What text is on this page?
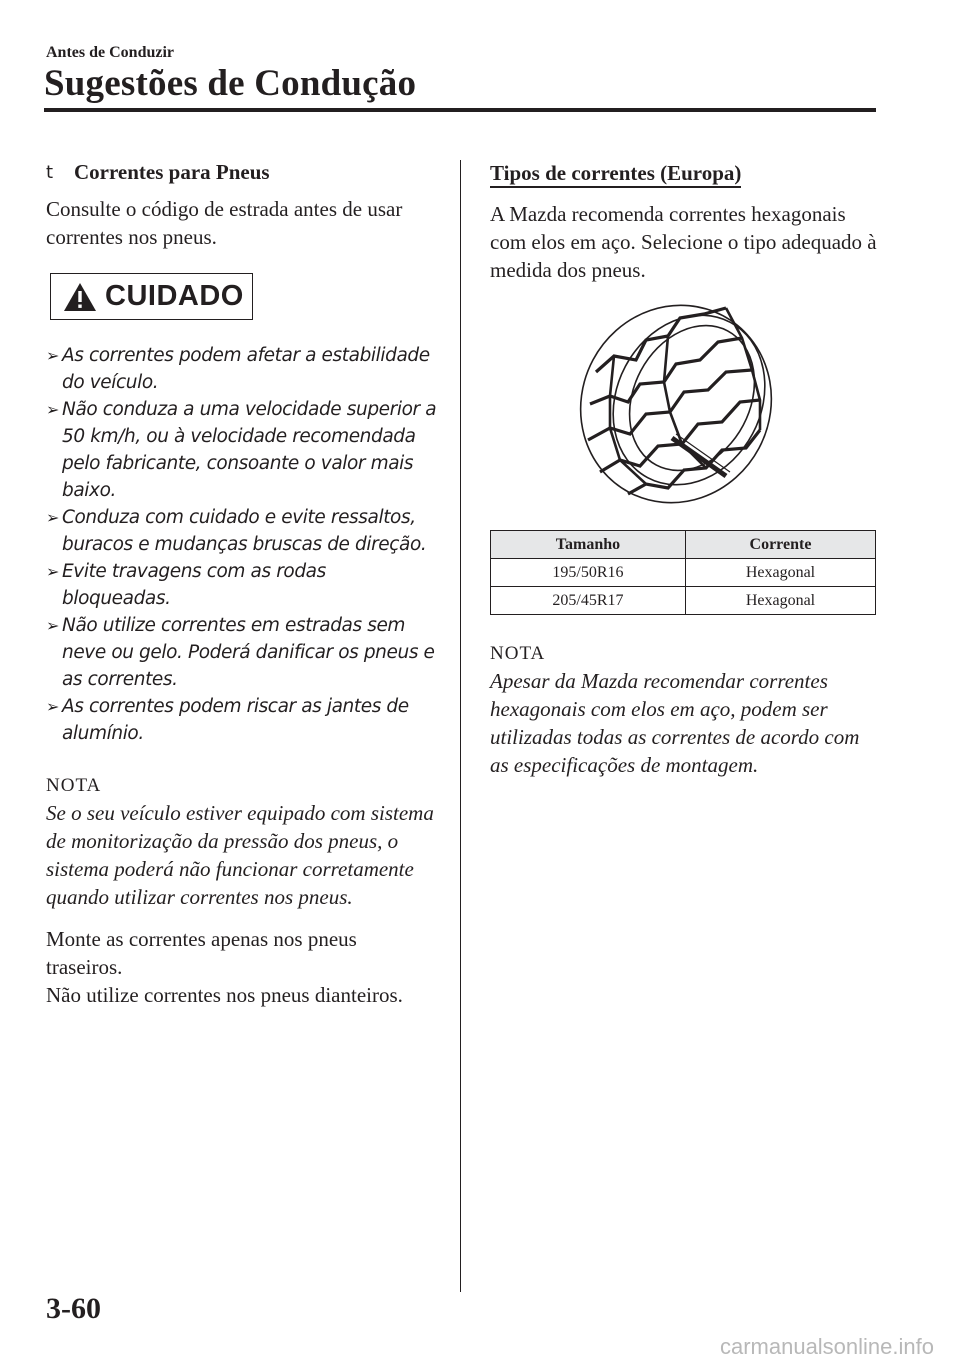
Antes de Conduzir
Sugestões de Condução
t Correntes para Pneus

Consulte o código de estrada antes de usar correntes nos pneus.

CUIDADO
➢ As correntes podem afetar a estabilidade do veículo.
➢ Não conduza a uma velocidade superior a 50 km/h, ou à velocidade recomendada pelo fabricante, consoante o valor mais baixo.
➢ Conduza com cuidado e evite ressaltos, buracos e mudanças bruscas de direção.
➢ Evite travagens com as rodas bloqueadas.
➢ Não utilize correntes em estradas sem neve ou gelo. Poderá danificar os pneus e as correntes.
➢ As correntes podem riscar as jantes de alumínio.
NOTA

Se o seu veículo estiver equipado com sistema de monitorização da pressão dos pneus, o sistema poderá não funcionar corretamente quando utilizar correntes nos pneus.

Monte as correntes apenas nos pneus traseiros.

Não utilize correntes nos pneus dianteiros.

Tipos de correntes (Europa)

A Mazda recomenda correntes hexagonais com elos em aço. Selecione o tipo adequado à medida dos pneus.

Tamanho	Corrente
195/50R16	Hexagonal
205/45R17	Hexagonal
NOTA

Apesar da Mazda recomendar correntes hexagonais com elos em aço, podem ser utilizadas todas as correntes de acordo com as especificações de montagem.

3-60
carmanualsonline.info
